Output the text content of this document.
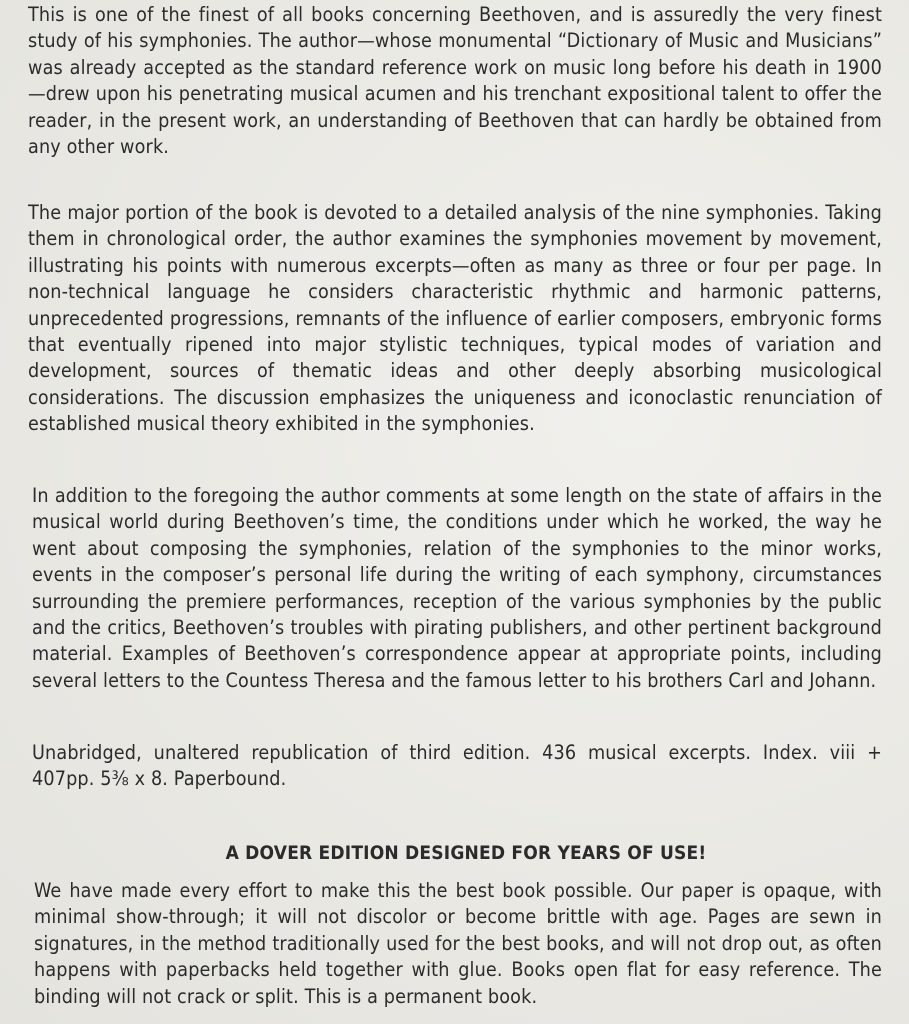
This is one of the finest of all books concerning Beethoven, and is assuredly the very finest study of his symphonies. The author—whose monumental “Dictionary of Music and Musicians” was already accepted as the standard reference work on music long before his death in 1900—drew upon his penetrating musical acumen and his trenchant expositional talent to offer the reader, in the present work, an understanding of Beethoven that can hardly be obtained from any other work.

The major portion of the book is devoted to a detailed analysis of the nine symphonies. Taking them in chronological order, the author examines the symphonies movement by movement, illustrating his points with numerous excerpts—often as many as three or four per page. In non-technical language he considers characteristic rhythmic and harmonic patterns, unprecedented progressions, remnants of the influence of earlier composers, embryonic forms that eventually ripened into major stylistic techniques, typical modes of variation and development, sources of thematic ideas and other deeply absorbing musicological considerations. The discussion emphasizes the uniqueness and iconoclastic renunciation of established musical theory exhibited in the symphonies.

In addition to the foregoing the author comments at some length on the state of affairs in the musical world during Beethoven’s time, the conditions under which he worked, the way he went about composing the symphonies, relation of the symphonies to the minor works, events in the composer’s personal life during the writing of each symphony, circumstances surrounding the premiere performances, reception of the various symphonies by the public and the critics, Beethoven’s troubles with pirating publishers, and other pertinent background material. Examples of Beethoven’s correspondence appear at appropriate points, including several letters to the Countess Theresa and the famous letter to his brothers Carl and Johann.

Unabridged, unaltered republication of third edition. 436 musical excerpts. Index. viii + 407pp. 5⅜ x 8. Paperbound.

A DOVER EDITION DESIGNED FOR YEARS OF USE!

We have made every effort to make this the best book possible. Our paper is opaque, with minimal show-through; it will not discolor or become brittle with age. Pages are sewn in signatures, in the method traditionally used for the best books, and will not drop out, as often happens with paperbacks held together with glue. Books open flat for easy reference. The binding will not crack or split. This is a permanent book.
